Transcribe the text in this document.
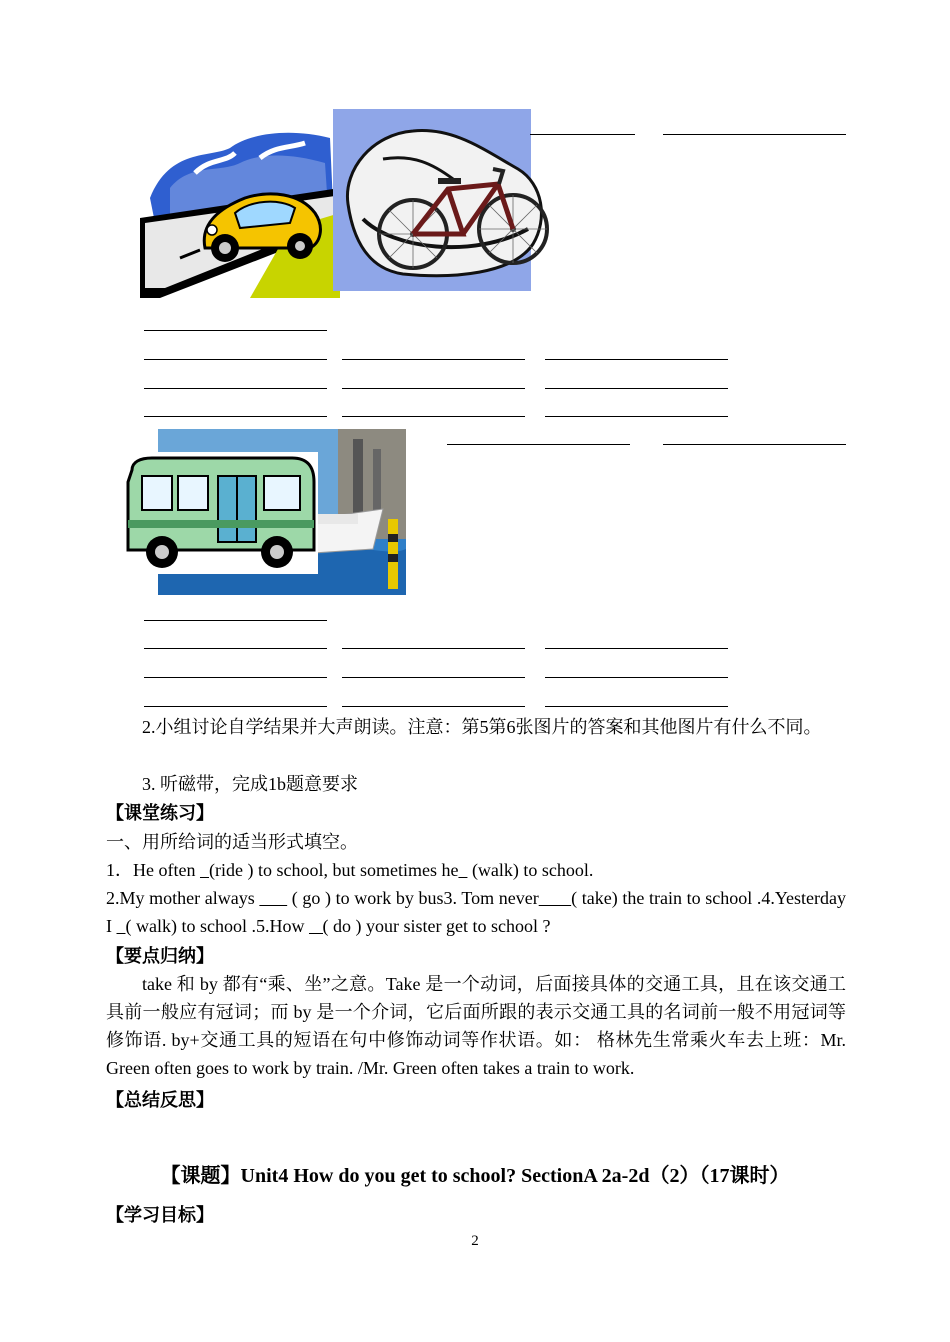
2.小组讨论自学结果并大声朗读。注意：第5第6张图片的答案和其他图片有什么不同。
3. 听磁带，完成1b题意要求
【课堂练习】
一、用所给词的适当形式填空。
1．He often   (ride ) to school, but sometimes he   (walk) to school.
2.My mother always        ( go ) to work by bus3. Tom never ( take) the train to school .4.Yesterday I   ( walk) to school .5.How    ( do ) your sister get to school ?
【要点归纳】
take 和 by 都有“乘、坐”之意。Take 是一个动词，后面接具体的交通工具，且在该交通工具前一般应有冠词；而 by 是一个介词，它后面所跟的表示交通工具的名词前一般不用冠词等修饰语. by+交通工具的短语在句中修饰动词等作状语。如： 格林先生常乘火车去上班：Mr. Green often goes to work by train. /Mr. Green often takes a train to work.
【总结反思】
【课题】Unit4 How do you get to school? SectionA 2a-2d（2）（17课时）
【学习目标】
2
